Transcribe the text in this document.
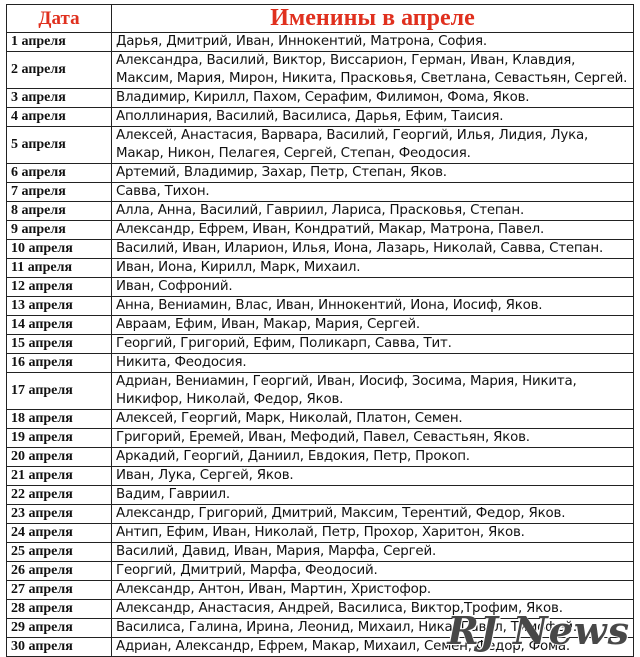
Дата	Именины в апреле
1 апреля	Дарья, Дмитрий, Иван, Иннокентий, Матрона, София.
2 апреля	Александра, Василий, Виктор, Виссарион, Герман, Иван, Клавдия, Максим, Мария, Мирон, Никита, Прасковья, Светлана, Севастьян, Сергей.
3 апреля	Владимир, Кирилл, Пахом, Серафим, Филимон, Фома, Яков.
4 апреля	Аполлинария, Василий, Василиса, Дарья, Ефим, Таисия.
5 апреля	Алексей, Анастасия, Варвара, Василий, Георгий, Илья, Лидия, Лука, Макар, Никон, Пелагея, Сергей, Степан, Феодосия.
6 апреля	Артемий, Владимир, Захар, Петр, Степан, Яков.
7 апреля	Савва, Тихон.
8 апреля	Алла, Анна, Василий, Гавриил, Лариса, Прасковья, Степан.
9 апреля	Александр, Ефрем, Иван, Кондратий, Макар, Матрона, Павел.
10 апреля	Василий, Иван, Иларион, Илья, Иона, Лазарь, Николай, Савва, Степан.
11 апреля	Иван, Иона, Кирилл, Марк, Михаил.
12 апреля	Иван, Софроний.
13 апреля	Анна, Вениамин, Влас, Иван, Иннокентий, Иона, Иосиф, Яков.
14 апреля	Авраам, Ефим, Иван, Макар, Мария, Сергей.
15 апреля	Георгий, Григорий, Ефим, Поликарп, Савва, Тит.
16 апреля	Никита, Феодосия.
17 апреля	Адриан, Вениамин, Георгий, Иван, Иосиф, Зосима, Мария, Никита, Никифор, Николай, Федор, Яков.
18 апреля	Алексей, Георгий, Марк, Николай, Платон, Семен.
19 апреля	Григорий, Еремей, Иван, Мефодий, Павел, Севастьян, Яков.
20 апреля	Аркадий, Георгий, Даниил, Евдокия, Петр, Прокоп.
21 апреля	Иван, Лука, Сергей, Яков.
22 апреля	Вадим, Гавриил.
23 апреля	Александр, Григорий, Дмитрий, Максим, Терентий, Федор, Яков.
24 апреля	Антип, Ефим, Иван, Николай, Петр, Прохор, Харитон, Яков.
25 апреля	Василий, Давид, Иван, Мария, Марфа, Сергей.
26 апреля	Георгий, Дмитрий, Марфа, Феодосий.
27 апреля	Александр, Антон, Иван, Мартин, Христофор.
28 апреля	Александр, Анастасия, Андрей, Василиса, Виктор,Трофим, Яков.
29 апреля	Василиса, Галина, Ирина, Леонид, Михаил, Ника, Павел, Тимофей.
30 апреля	Адриан, Александр, Ефрем, Макар, Михаил, Семен, Федор, Фома.
RJ News
